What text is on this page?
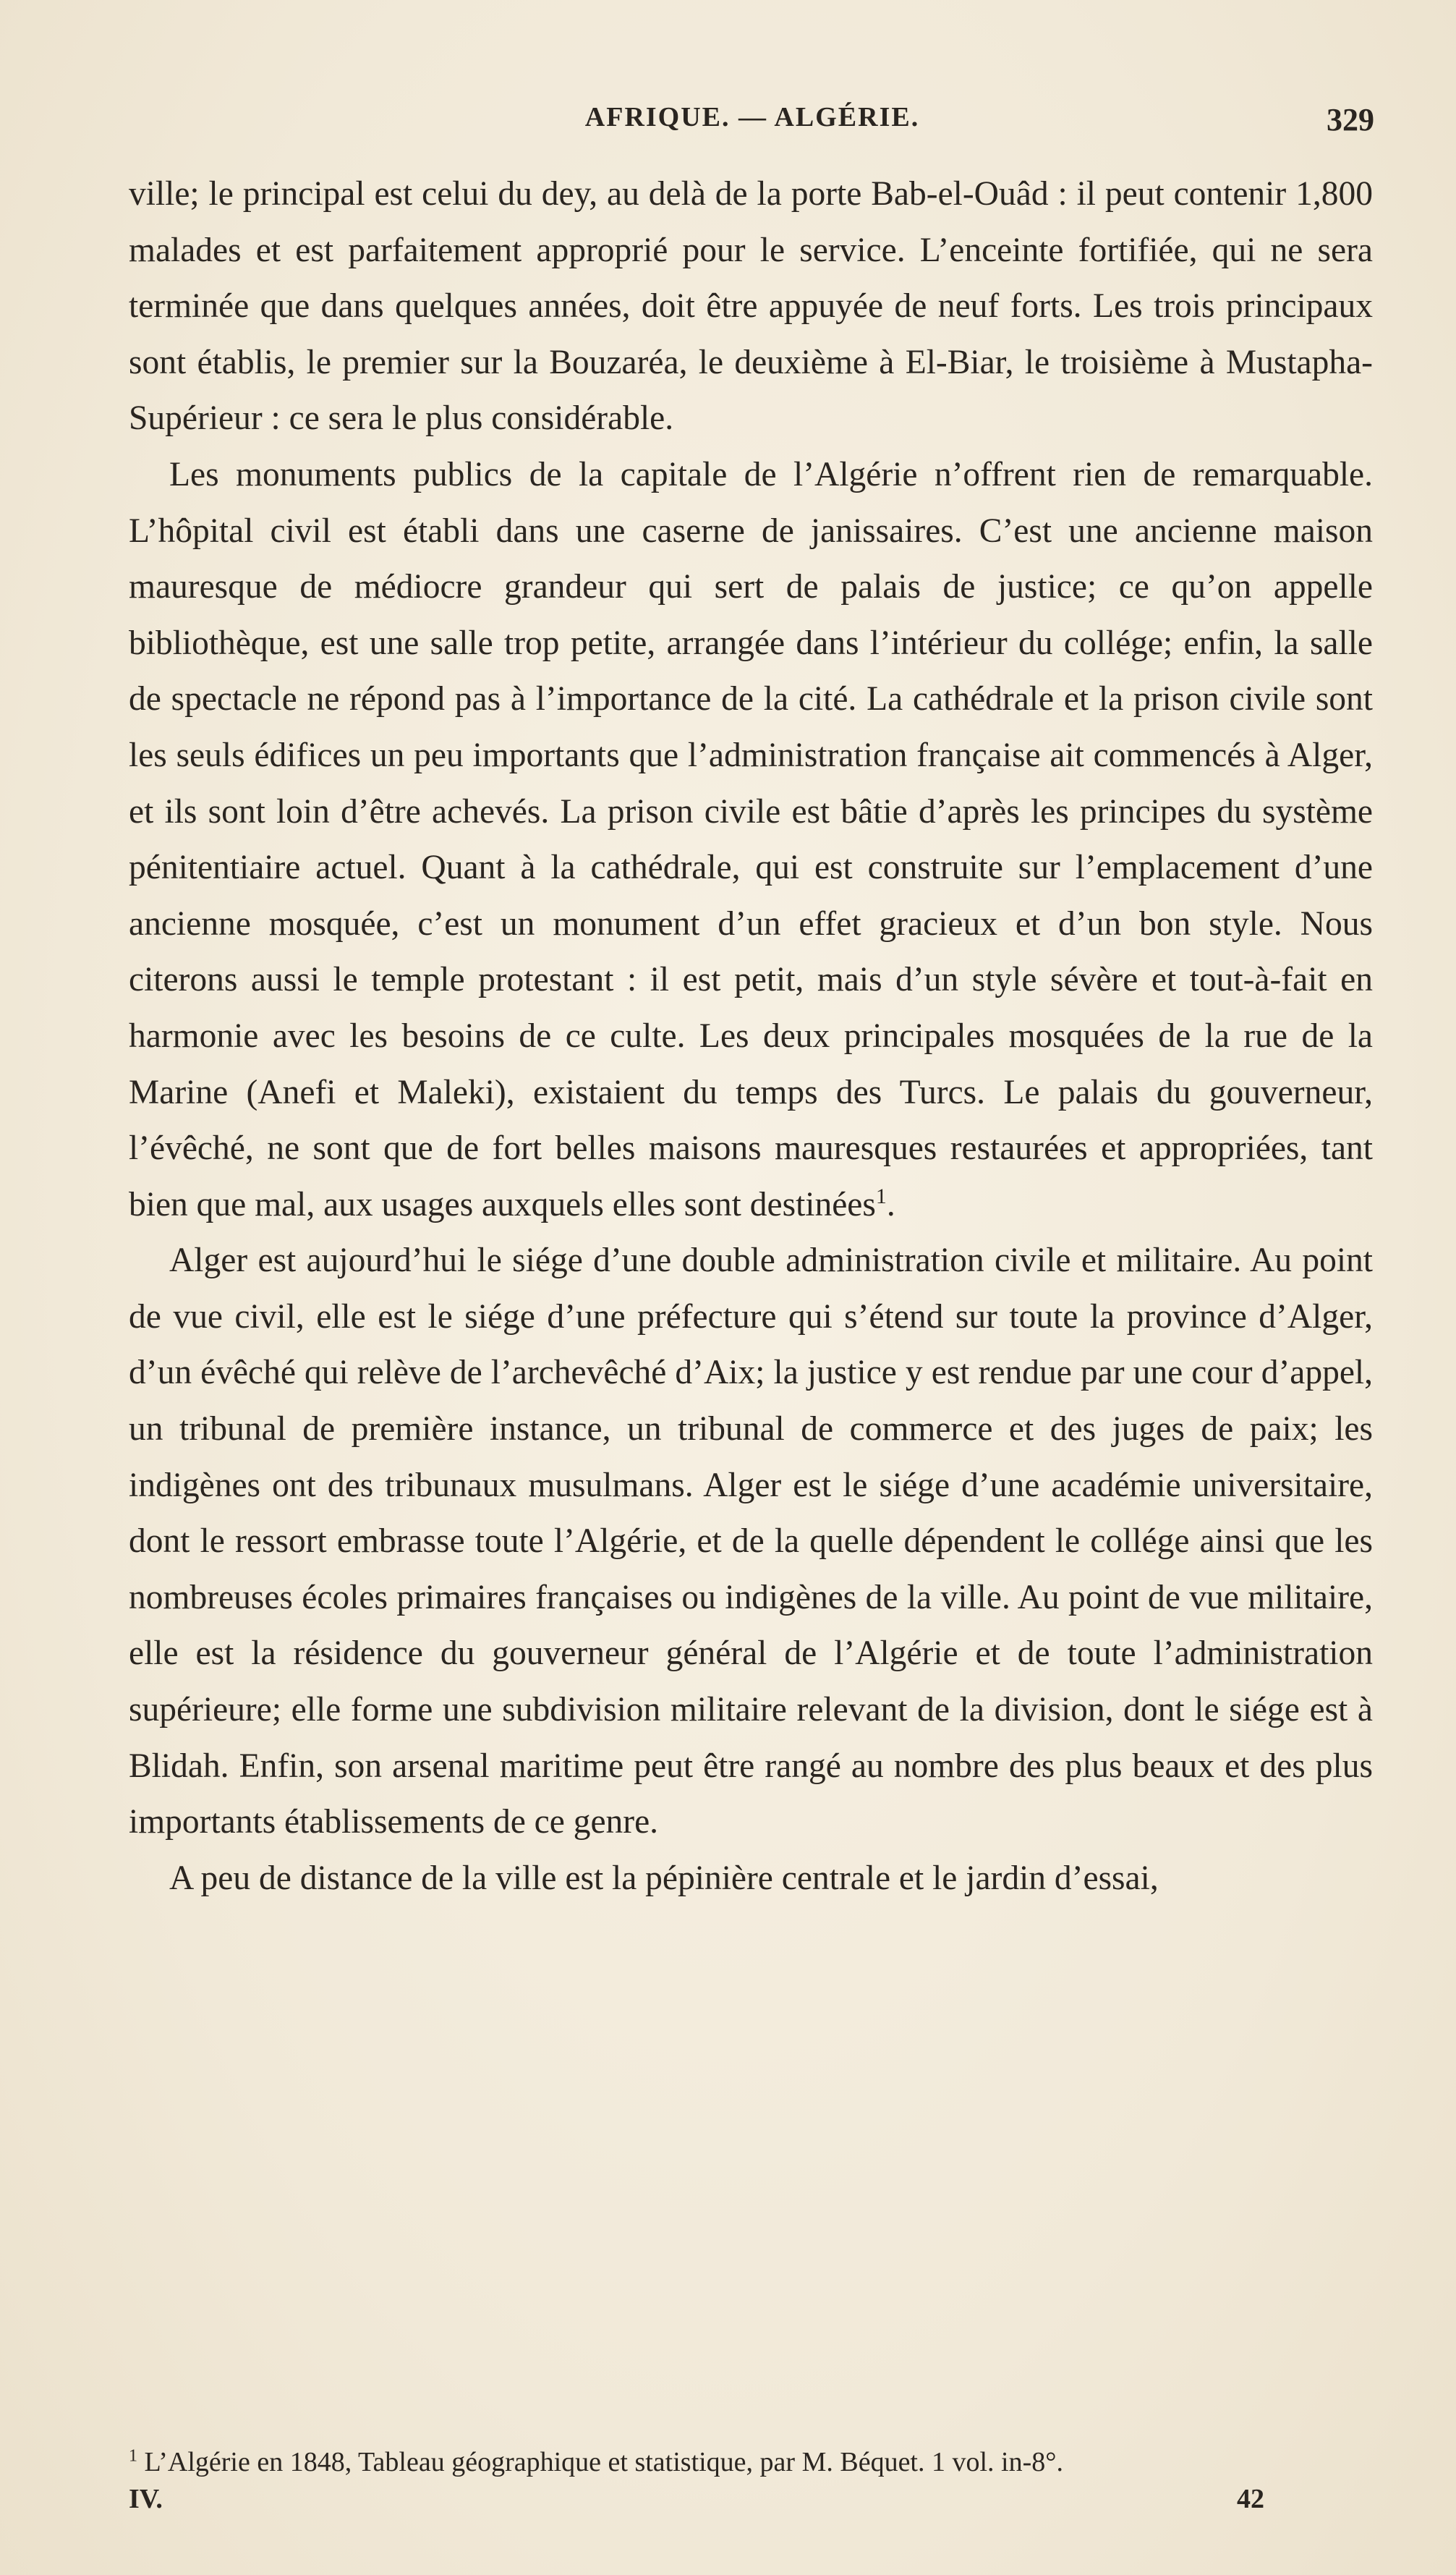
AFRIQUE. — ALGÉRIE.	329

ville; le principal est celui du dey, au delà de la porte Bab-el-Ouâd : il peut contenir 1,800 malades et est parfaitement approprié pour le service. L’enceinte fortifiée, qui ne sera terminée que dans quelques années, doit être appuyée de neuf forts. Les trois principaux sont établis, le premier sur la Bouzaréa, le deuxième à El-Biar, le troisième à Mustapha-Supérieur : ce sera le plus considérable.

Les monuments publics de la capitale de l’Algérie n’offrent rien de remarquable. L’hôpital civil est établi dans une caserne de janissaires. C’est une ancienne maison mauresque de médiocre grandeur qui sert de palais de justice; ce qu’on appelle bibliothèque, est une salle trop petite, arrangée dans l’intérieur du collége; enfin, la salle de spectacle ne répond pas à l’importance de la cité. La cathédrale et la prison civile sont les seuls édifices un peu importants que l’administration française ait commencés à Alger, et ils sont loin d’être achevés. La prison civile est bâtie d’après les principes du système pénitentiaire actuel. Quant à la cathédrale, qui est construite sur l’emplacement d’une ancienne mosquée, c’est un monument d’un effet gracieux et d’un bon style. Nous citerons aussi le temple protestant : il est petit, mais d’un style sévère et tout-à-fait en harmonie avec les besoins de ce culte. Les deux principales mosquées de la rue de la Marine (Anefi et Maleki), existaient du temps des Turcs. Le palais du gouverneur, l’évêché, ne sont que de fort belles maisons mauresques restaurées et appropriées, tant bien que mal, aux usages auxquels elles sont destinées$^1$.

Alger est aujourd’hui le siége d’une double administration civile et militaire. Au point de vue civil, elle est le siége d’une préfecture qui s’étend sur toute la province d’Alger, d’un évêché qui relève de l’archevêché d’Aix; la justice y est rendue par une cour d’appel, un tribunal de première instance, un tribunal de commerce et des juges de paix; les indigènes ont des tribunaux musulmans. Alger est le siége d’une académie universitaire, dont le ressort embrasse toute l’Algérie, et de la quelle dépendent le collége ainsi que les nombreuses écoles primaires françaises ou indigènes de la ville. Au point de vue militaire, elle est la résidence du gouverneur général de l’Algérie et de toute l’administration supérieure; elle forme une subdivision militaire relevant de la division, dont le siége est à Blidah. Enfin, son arsenal maritime peut être rangé au nombre des plus beaux et des plus importants établissements de ce genre.

A peu de distance de la ville est la pépinière centrale et le jardin d’essai,

$^1$ L’Algérie en 1848, Tableau géographique et statistique, par M. Béquet. 1 vol. in-8°.
IV.	42
